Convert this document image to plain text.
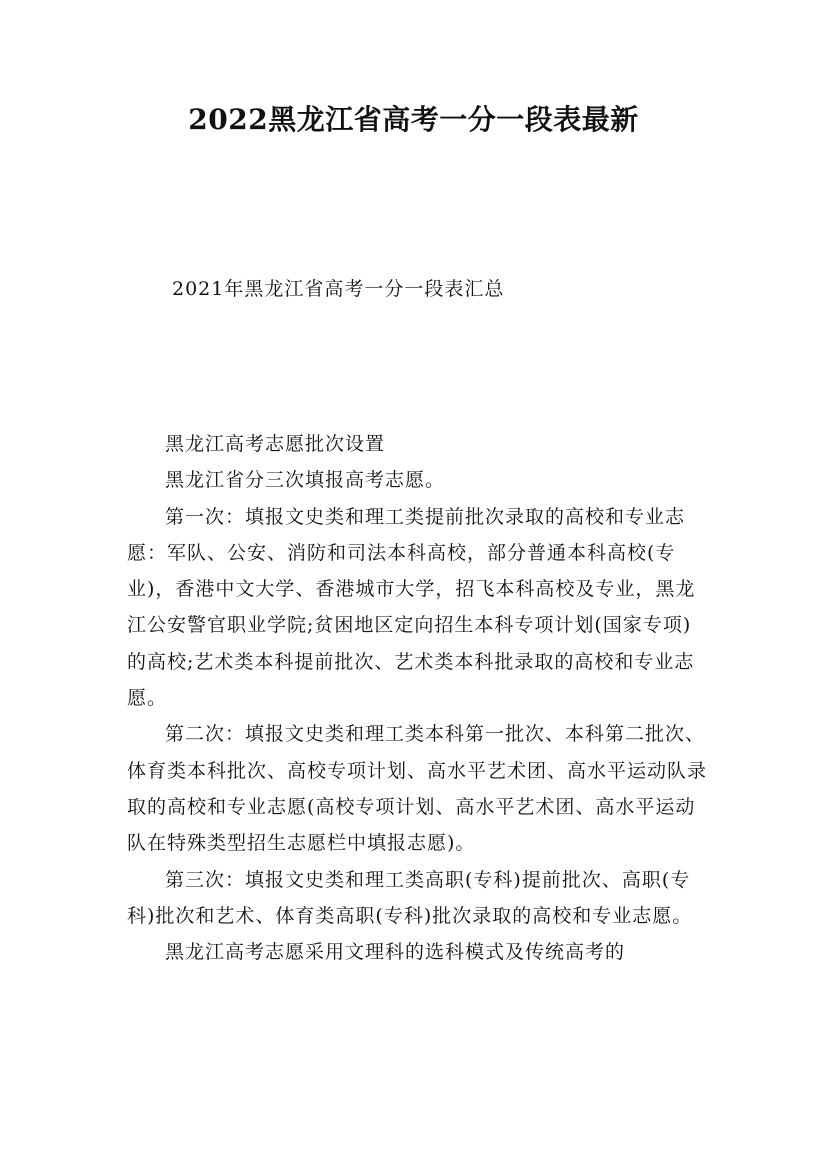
2022黑龙江省高考一分一段表最新
2021年黑龙江省高考一分一段表汇总

黑龙江高考志愿批次设置

黑龙江省分三次填报高考志愿。

第一次：填报文史类和理工类提前批次录取的高校和专业志愿：军队、公安、消防和司法本科高校，部分普通本科高校(专业)，香港中文大学、香港城市大学，招飞本科高校及专业，黑龙江公安警官职业学院;贫困地区定向招生本科专项计划(国家专项)的高校;艺术类本科提前批次、艺术类本科批录取的高校和专业志愿。

第二次：填报文史类和理工类本科第一批次、本科第二批次、体育类本科批次、高校专项计划、高水平艺术团、高水平运动队录取的高校和专业志愿(高校专项计划、高水平艺术团、高水平运动队在特殊类型招生志愿栏中填报志愿)。

第三次：填报文史类和理工类高职(专科)提前批次、高职(专科)批次和艺术、体育类高职(专科)批次录取的高校和专业志愿。

黑龙江高考志愿采用文理科的选科模式及传统高考的
